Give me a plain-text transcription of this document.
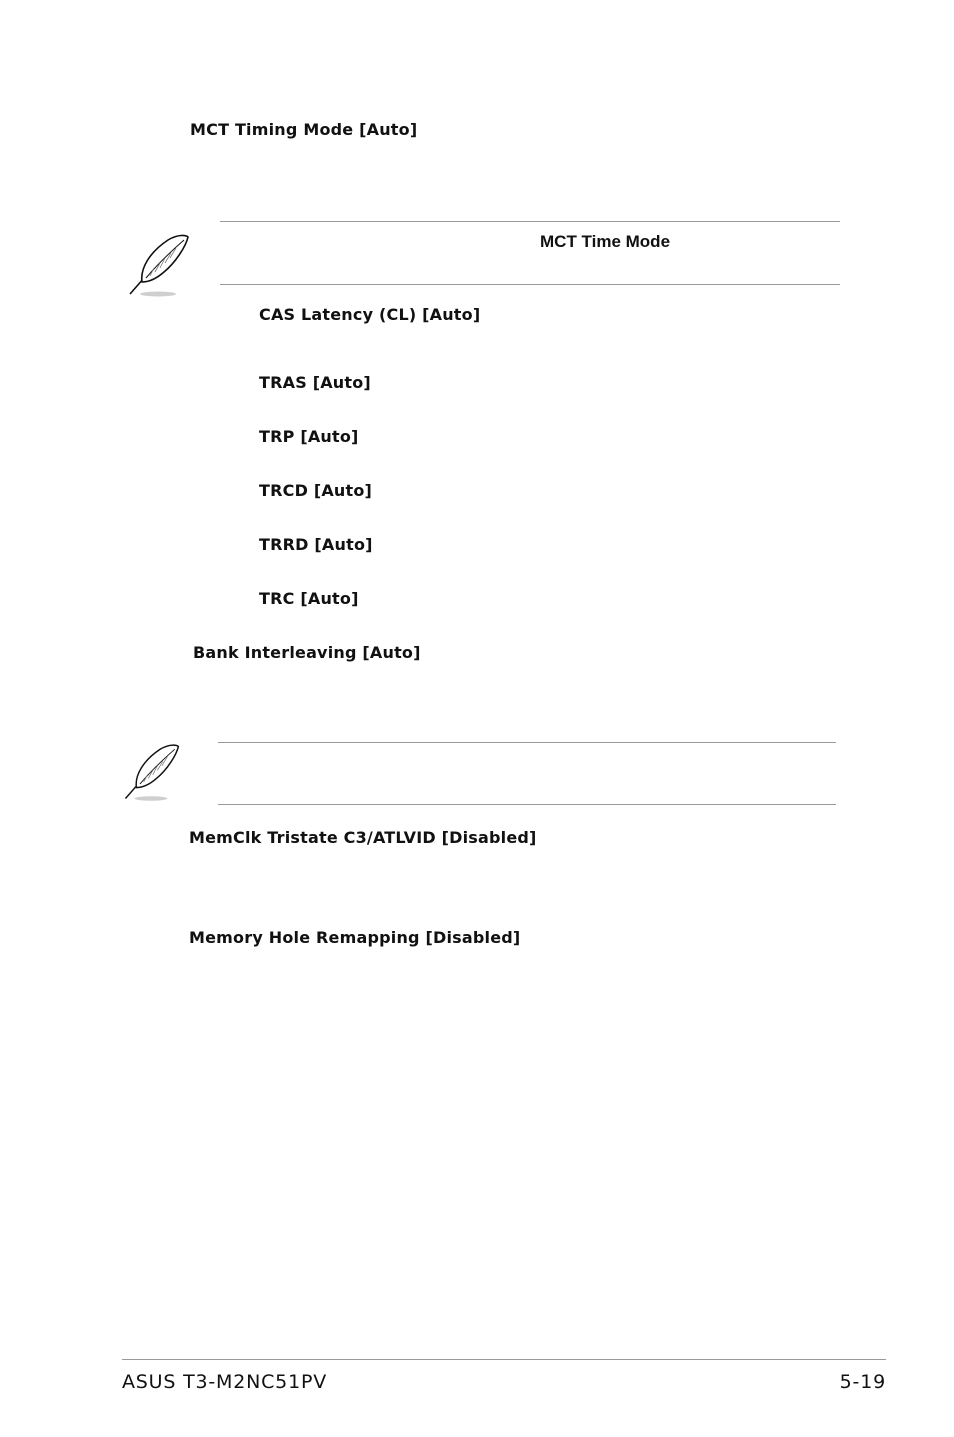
MCT Timing Mode [Auto]
MCT Time Mode
CAS Latency (CL) [Auto]
TRAS [Auto]
TRP [Auto]
TRCD [Auto]
TRRD [Auto]
TRC [Auto]
Bank Interleaving [Auto]
MemClk Tristate C3/ATLVID [Disabled]
Memory Hole Remapping [Disabled]
ASUS T3-M2NC51PV	5-19
